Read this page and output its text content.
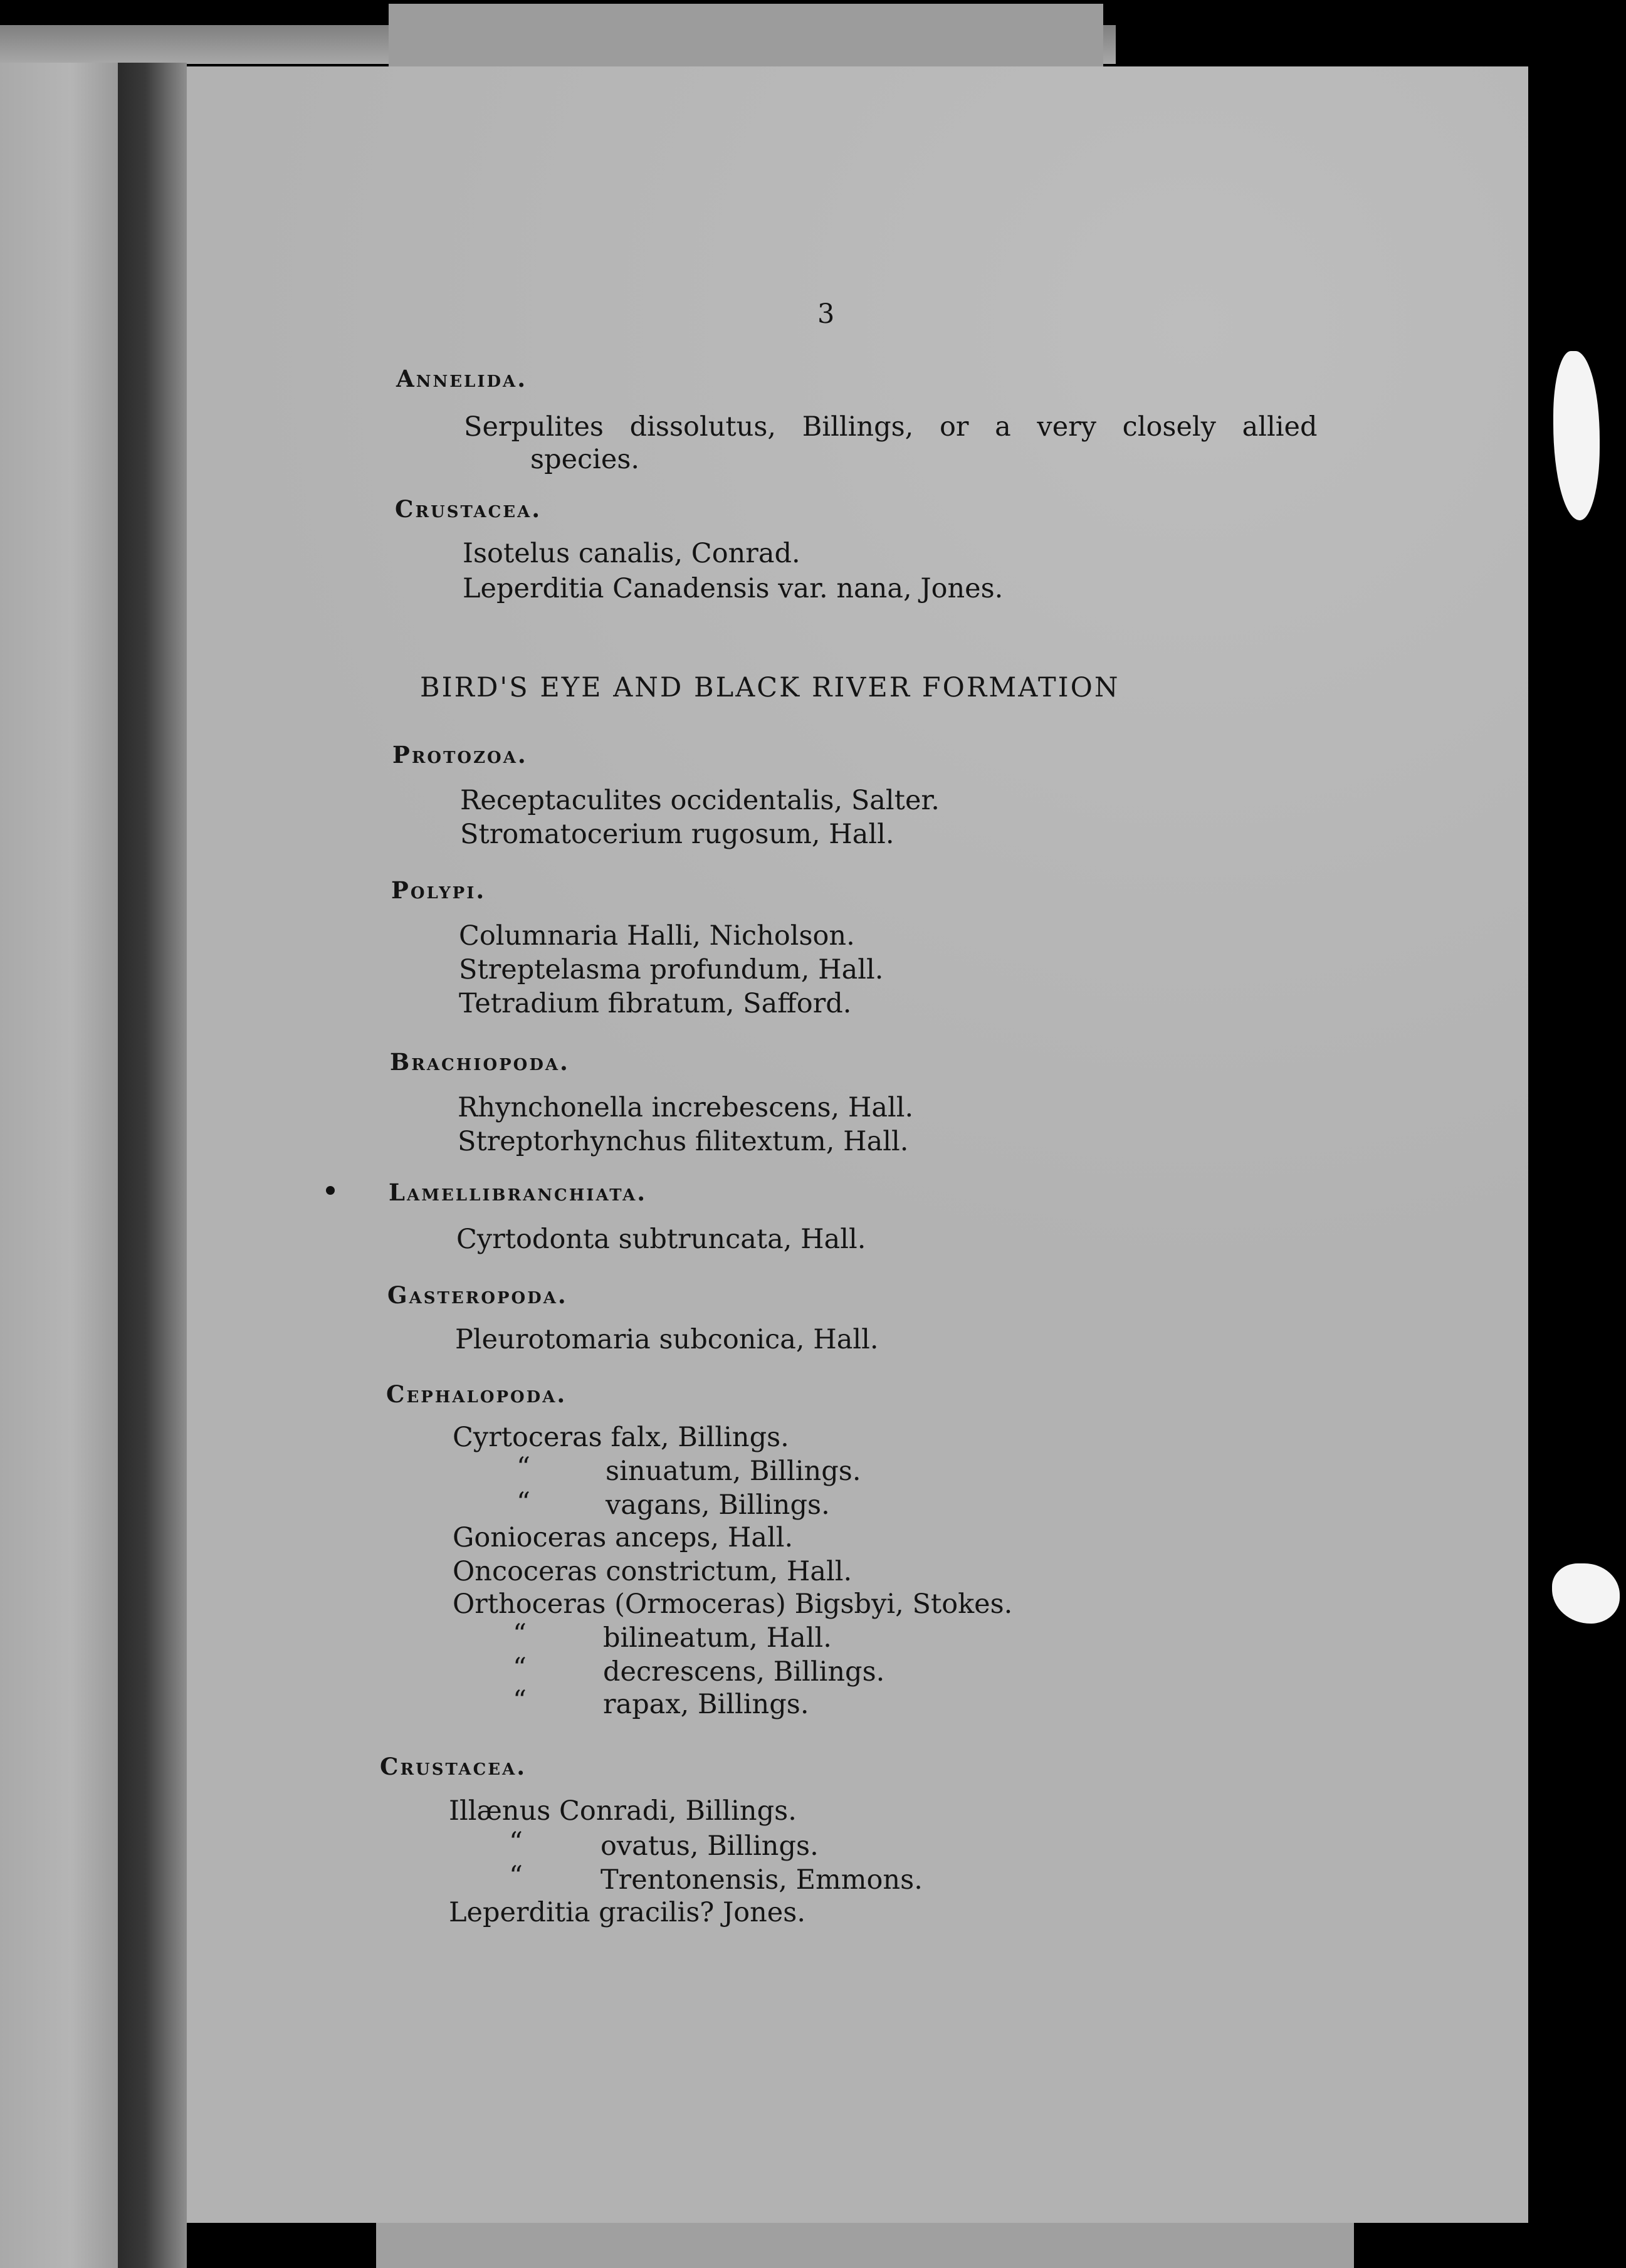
3
Annelida.
Serpulites dissolutus, Billings, or a very closely allied
species.
Crustacea.
Isotelus canalis, Conrad.
Leperditia Canadensis var. nana, Jones.
BIRD'S EYE AND BLACK RIVER FORMATION
Protozoa.
Receptaculites occidentalis, Salter.
Stromatocerium rugosum, Hall.
Polypi.
Columnaria Halli, Nicholson.
Streptelasma profundum, Hall.
Tetradium fibratum, Safford.
Brachiopoda.
Rhynchonella increbescens, Hall.
Streptorhynchus filitextum, Hall.
Lamellibranchiata.
Cyrtodonta subtruncata, Hall.
Gasteropoda.
Pleurotomaria subconica, Hall.
Cephalopoda.
Cyrtoceras falx, Billings.
“	sinuatum, Billings.
“	vagans, Billings.
Gonioceras anceps, Hall.
Oncoceras constrictum, Hall.
Orthoceras (Ormoceras) Bigsbyi, Stokes.
“	bilineatum, Hall.
“	decrescens, Billings.
“	rapax, Billings.
Crustacea.
Illænus Conradi, Billings.
“	ovatus, Billings.
“	Trentonensis, Emmons.
Leperditia gracilis? Jones.
